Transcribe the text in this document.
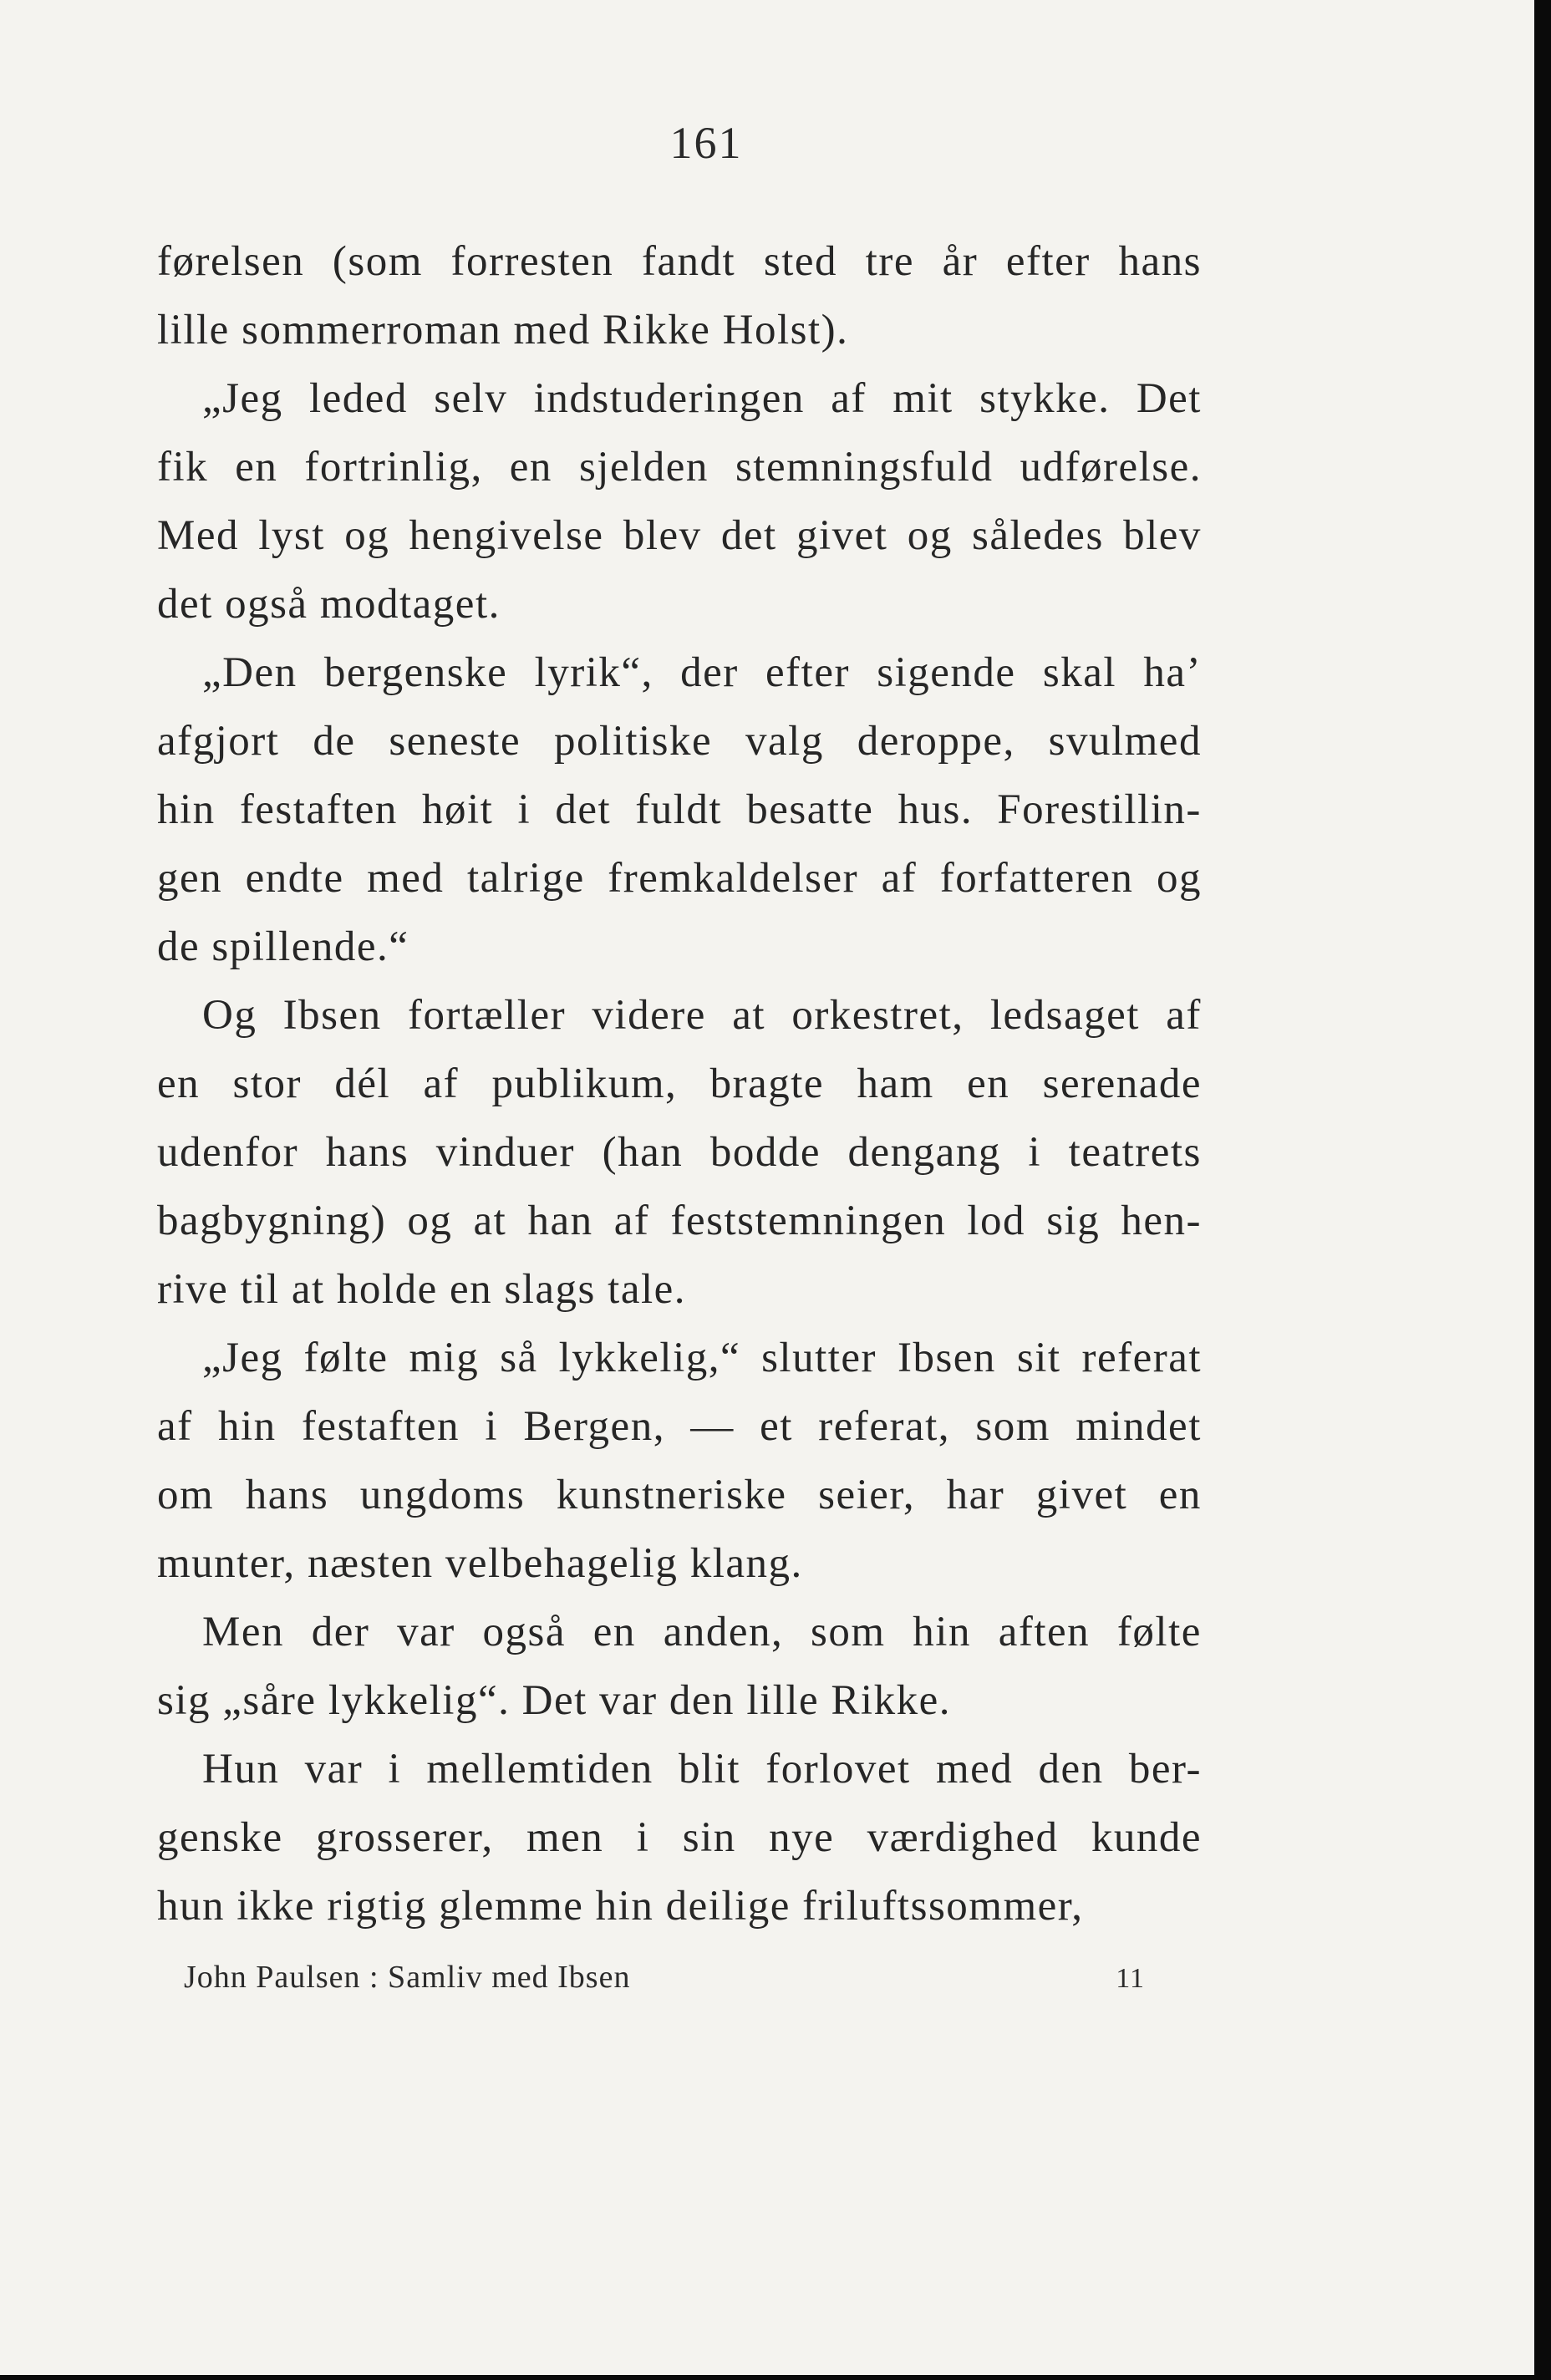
161
førelsen (som forresten fandt sted tre år efter hans
lille sommerroman med Rikke Holst).
„Jeg leded selv indstuderingen af mit stykke. Det
fik en fortrinlig, en sjelden stemningsfuld udførelse.
Med lyst og hengivelse blev det givet og således blev
det også modtaget.
„Den bergenske lyrik“, der efter sigende skal ha’
afgjort de seneste politiske valg deroppe, svulmed
hin festaften høit i det fuldt besatte hus. Forestillin-
gen endte med talrige fremkaldelser af forfatteren og
de spillende.“
Og Ibsen fortæller videre at orkestret, ledsaget af
en stor dél af publikum, bragte ham en serenade
udenfor hans vinduer (han bodde dengang i teatrets
bagbygning) og at han af feststemningen lod sig hen-
rive til at holde en slags tale.
„Jeg følte mig så lykkelig,“ slutter Ibsen sit referat
af hin festaften i Bergen, — et referat, som mindet
om hans ungdoms kunstneriske seier, har givet en
munter, næsten velbehagelig klang.
Men der var også en anden, som hin aften følte
sig „såre lykkelig“. Det var den lille Rikke.
Hun var i mellemtiden blit forlovet med den ber-
genske grosserer, men i sin nye værdighed kunde
hun ikke rigtig glemme hin deilige friluftssommer,
John Paulsen : Samliv med Ibsen	11
